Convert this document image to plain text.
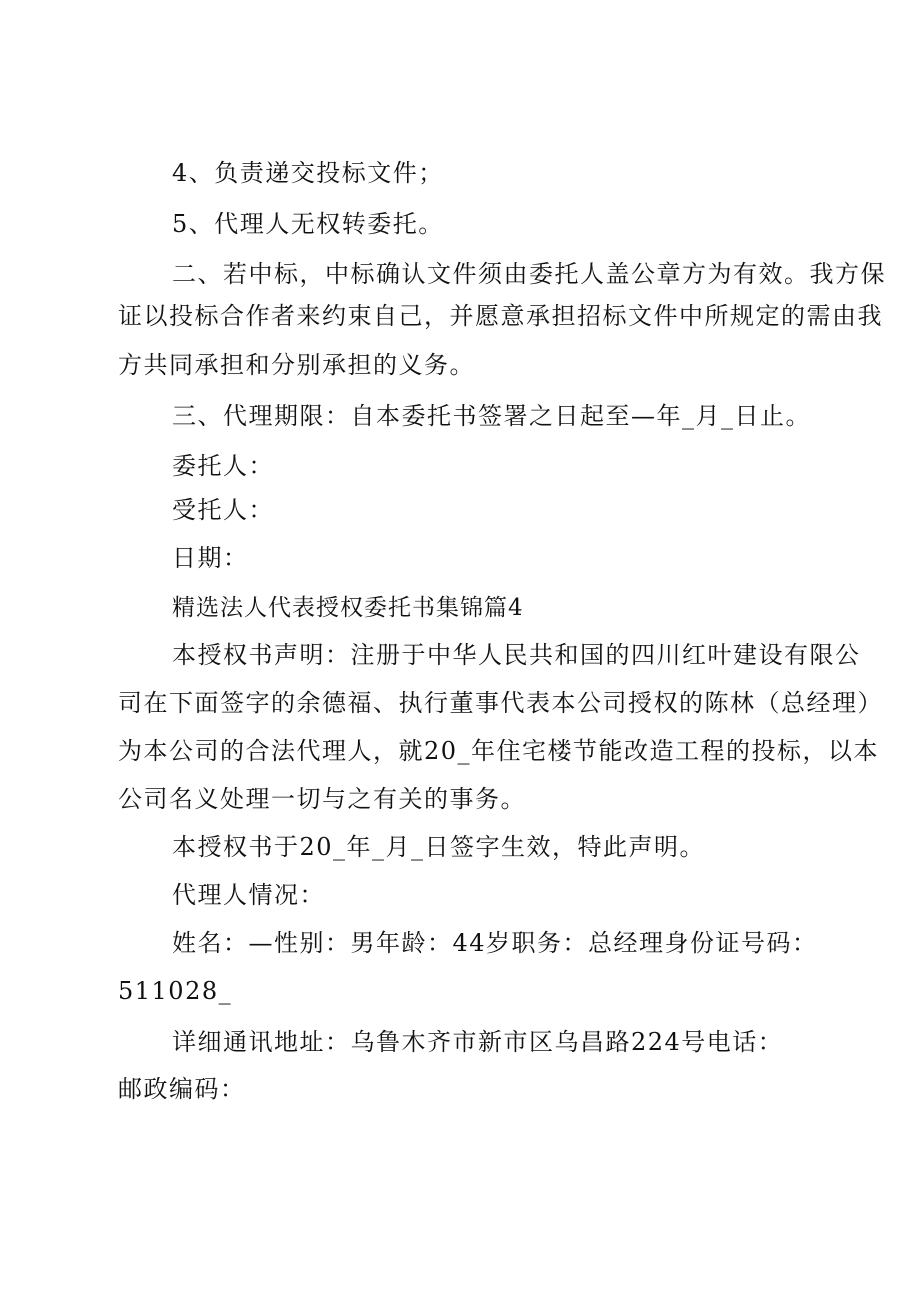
4、负责递交投标文件；
5、代理人无权转委托。
二、若中标，中标确认文件须由委托人盖公章方为有效。我方保
证以投标合作者来约束自己，并愿意承担招标文件中所规定的需由我
方共同承担和分别承担的义务。
三、代理期限：自本委托书签署之日起至—年_月_日止。
委托人：
受托人：
日期：
精选法人代表授权委托书集锦篇4
本授权书声明：注册于中华人民共和国的四川红叶建设有限公
司在下面签字的余德福、执行董事代表本公司授权的陈林（总经理）
为本公司的合法代理人，就20_年住宅楼节能改造工程的投标，以本
公司名义处理一切与之有关的事务。
本授权书于20_年_月_日签字生效，特此声明。
代理人情况：
姓名：—性别：男年龄：44岁职务：总经理身份证号码：
511028_
详细通讯地址：乌鲁木齐市新市区乌昌路224号电话：
邮政编码：
